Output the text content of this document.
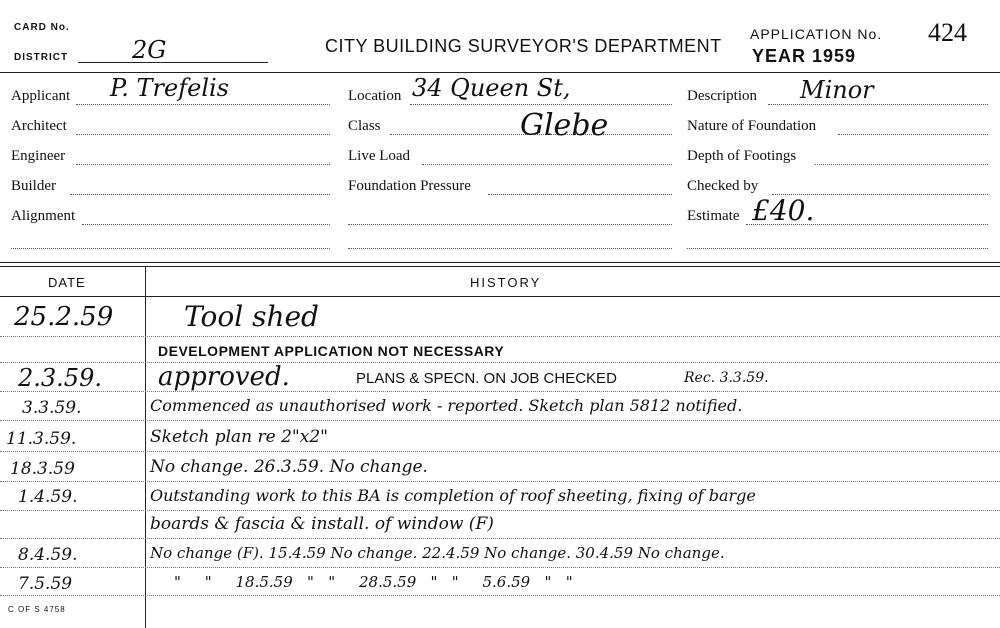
CARD No.
DISTRICT	2G	CITY BUILDING SURVEYOR'S DEPARTMENT
APPLICATION No. 424
YEAR 1959
Applicant P. Trefelis
Architect
Engineer
Builder
Alignment
Location 34 Queen St,
Class	Glebe
Live Load
Foundation Pressure
Description Minor
Nature of Foundation
Depth of Footings
Checked by
Estimate £40.
DATE	HISTORY
25.2.59	Tool shed
DEVELOPMENT APPLICATION NOT NECESSARY
2.3.59. approved.	PLANS & SPECN. ON JOB CHECKED	Rec. 3.3.59.
3.3.59.	Commenced as unauthorised work - reported. Sketch plan 5812 notified.
11.3.59.	Sketch plan re 2"x2"
18.3.59	No change. 26.3.59. No change.
1.4.59.	Outstanding work to this BA is completion of roof sheeting, fixing of barge
boards & fascia & install. of window (F)
8.4.59.	No change (F). 15.4.59 No change. 22.4.59 No change. 30.4.59 No change.
7.5.59	"     "     18.5.59   "   "     28.5.59   "   "     5.6.59   "   "
C OF S 4758
